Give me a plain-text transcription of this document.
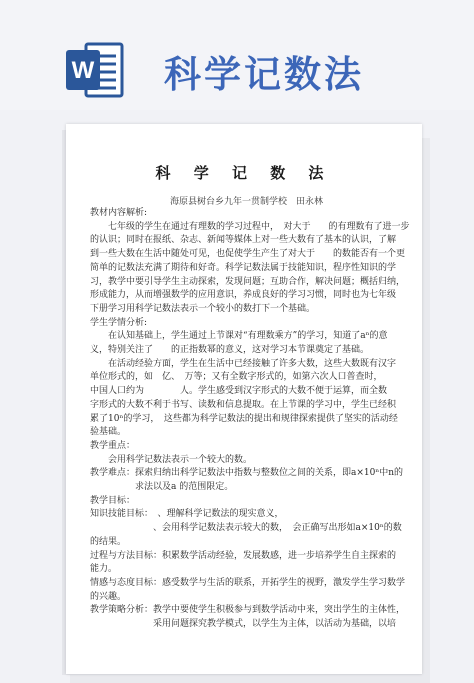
W 科学记数法
科 学 记 数 法
海原县树台乡九年一贯制学校　田永林
教材内容解析:
　　七年级的学生在通过有理数的学习过程中，　对大于　　的有理数有了进一步
的认识；同时在报纸、杂志、新闻等媒体上对一些大数有了基本的认识，了解
到一些大数在生活中随处可见，也促使学生产生了对大于　　的数能否有一个更
简单的记数法充满了期待和好奇。科学记数法属于技能知识，程序性知识的学
习，教学中要引导学生主动探索，发现问题；互助合作，解决问题；概括归纳，
形成能力，从而增强数学的应用意识，养成良好的学习习惯，同时也为七年级
下册学习用科学记数法表示一个较小的数打下一个基础。
学生学情分析:
　　在认知基础上，学生通过上节课对“有理数乘方”的学习，知道了aⁿ的意
义，特别关注了　　的正指数幂的意义，这对学习本节课奠定了基础。
　　在活动经验方面，学生在生活中已经接触了许多大数，这些大数既有汉字
单位形式的，如　亿、　万等；又有全数字形式的，如第六次人口普查时，
中国人口约为　　　　人。学生感受到汉字形式的大数不便于运算，而全数
字形式的大数不利于书写、读数和信息提取。在上节课的学习中，学生已经积
累了10ⁿ的学习，　这些都为科学记数法的提出和规律探索提供了坚实的活动经
验基础。
教学重点：
　　会用科学记数法表示一个较大的数。
教学难点：探索归纳出科学记数法中指数与整数位之间的关系，即a×10ⁿ中n的
　　　　　求法以及a 的范围限定。
教学目标：
知识技能目标：　、理解科学记数法的现实意义，
　　　　　　　、会用科学记数法表示较大的数，　会正确写出形如a×10ⁿ的数
的结果。
过程与方法目标：积累数学活动经验，发展数感，进一步培养学生自主探索的
能力。
情感与态度目标：感受数学与生活的联系，开拓学生的视野，激发学生学习数学
的兴趣。
教学策略分析：教学中要使学生积极参与到数学活动中来，突出学生的主体性，
　　　　　　　采用问题探究教学模式，以学生为主体，以活动为基础，以培
